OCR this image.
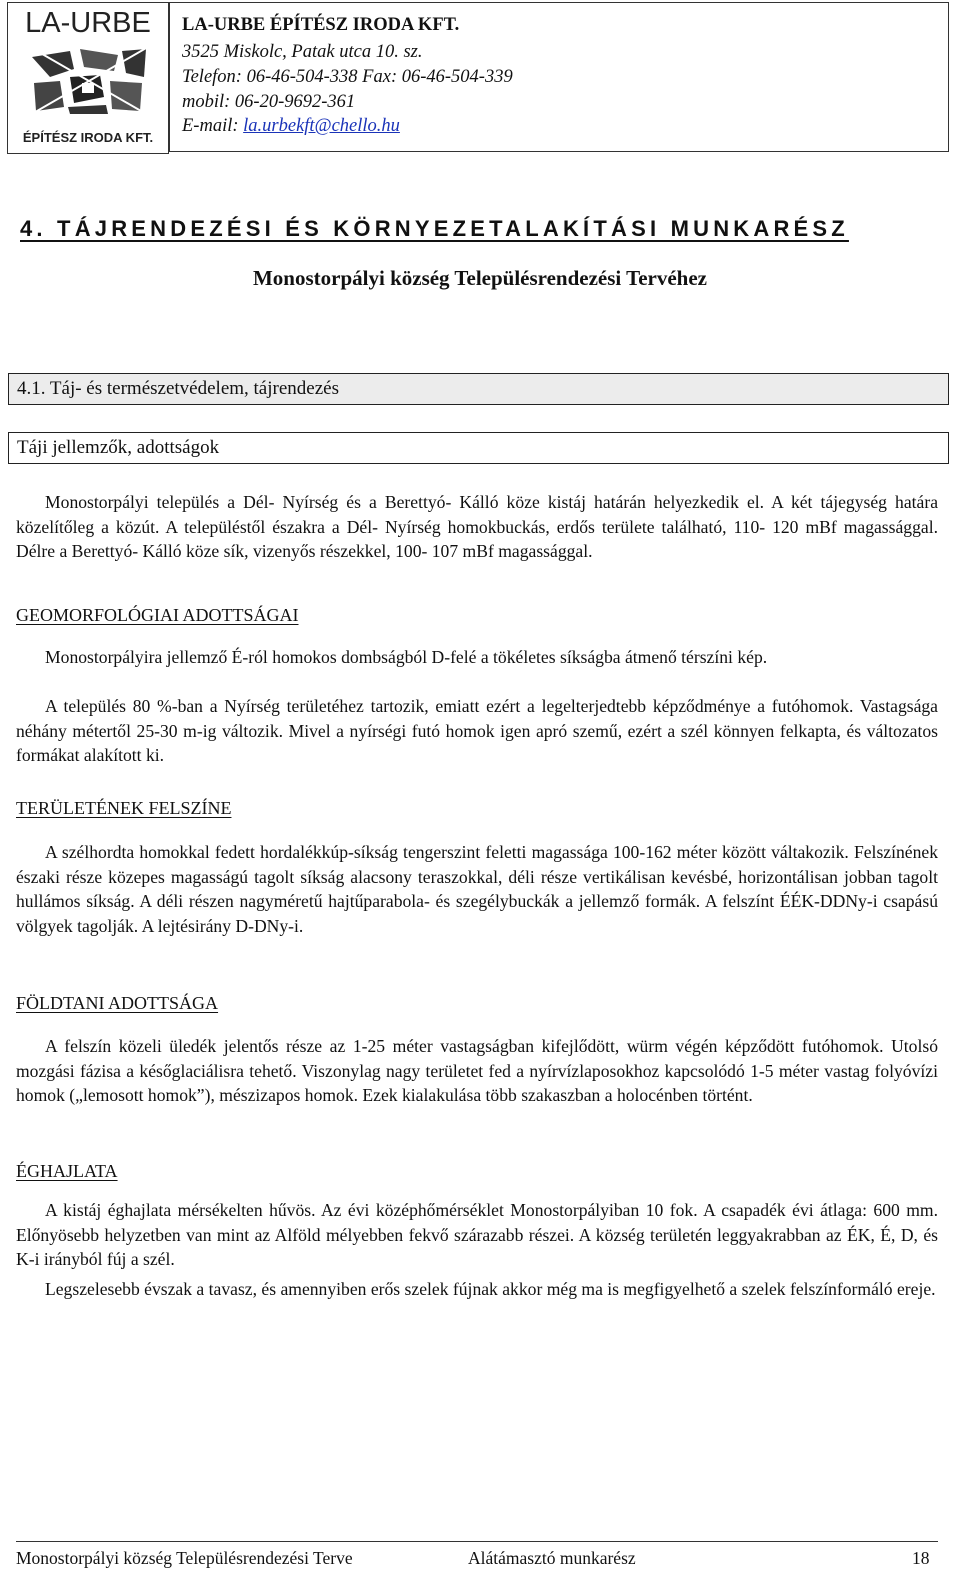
LA-URBE
ÉPÍTÉSZ IRODA KFT.
LA-URBE ÉPÍTÉSZ IRODA KFT.
3525 Miskolc, Patak utca 10. sz.
Telefon: 06-46-504-338 Fax: 06-46-504-339
mobil: 06-20-9692-361
E-mail: la.urbekft@chello.hu
4. TÁJRENDEZÉSI ÉS KÖRNYEZETALAKÍTÁSI MUNKARÉSZ
Monostorpályi község Településrendezési Tervéhez
4.1. Táj- és természetvédelem, tájrendezés
Táji jellemzők, adottságok
Monostorpályi település a Dél- Nyírség és a Berettyó- Kálló köze kistáj határán helyezkedik el. A két tájegység határa közelítőleg a közút. A településtől északra a Dél- Nyírség homokbuckás, erdős területe található, 110- 120 mBf magassággal. Délre a Berettyó- Kálló köze sík, vizenyős részekkel, 100- 107 mBf magassággal.
GEOMORFOLÓGIAI ADOTTSÁGAI
Monostorpályira jellemző É-ról homokos dombságból D-felé a tökéletes síkságba átmenő térszíni kép.
A település 80 %-ban a Nyírség területéhez tartozik, emiatt ezért a legelterjedtebb képződménye a futóhomok. Vastagsága néhány métertől 25-30 m-ig változik. Mivel a nyírségi futó homok igen apró szemű, ezért a szél könnyen felkapta, és változatos formákat alakított ki.
TERÜLETÉNEK FELSZÍNE
A szélhordta homokkal fedett hordalékkúp-síkság tengerszint feletti magassága 100-162 méter között váltakozik. Felszínének északi része közepes magasságú tagolt síkság alacsony teraszokkal, déli része vertikálisan kevésbé, horizontálisan jobban tagolt hullámos síkság. A déli részen nagyméretű hajtűparabola- és szegélybuckák a jellemző formák. A felszínt ÉÉK-DDNy-i csapású völgyek tagolják. A lejtésirány D-DNy-i.
FÖLDTANI ADOTTSÁGA
A felszín közeli üledék jelentős része az 1-25 méter vastagságban kifejlődött, würm végén képződött futóhomok. Utolsó mozgási fázisa a későglaciálisra tehető. Viszonylag nagy területet fed a nyírvízlaposokhoz kapcsolódó 1-5 méter vastag folyóvízi homok („lemosott homok”), mészizapos homok. Ezek kialakulása több szakaszban a holocénben történt.
ÉGHAJLATA
A kistáj éghajlata mérsékelten hűvös. Az évi középhőmérséklet Monostorpályiban 10 fok. A csapadék évi átlaga: 600 mm. Előnyösebb helyzetben van mint az Alföld mélyebben fekvő szárazabb részei. A község területén leggyakrabban az ÉK, É, D, és K-i irányból fúj a szél.
Legszelesebb évszak a tavasz, és amennyiben erős szelek fújnak akkor még ma is megfigyelhető a szelek felszínformáló ereje.
Monostorpályi község Településrendezési Terve	Alátámasztó munkarész	18
